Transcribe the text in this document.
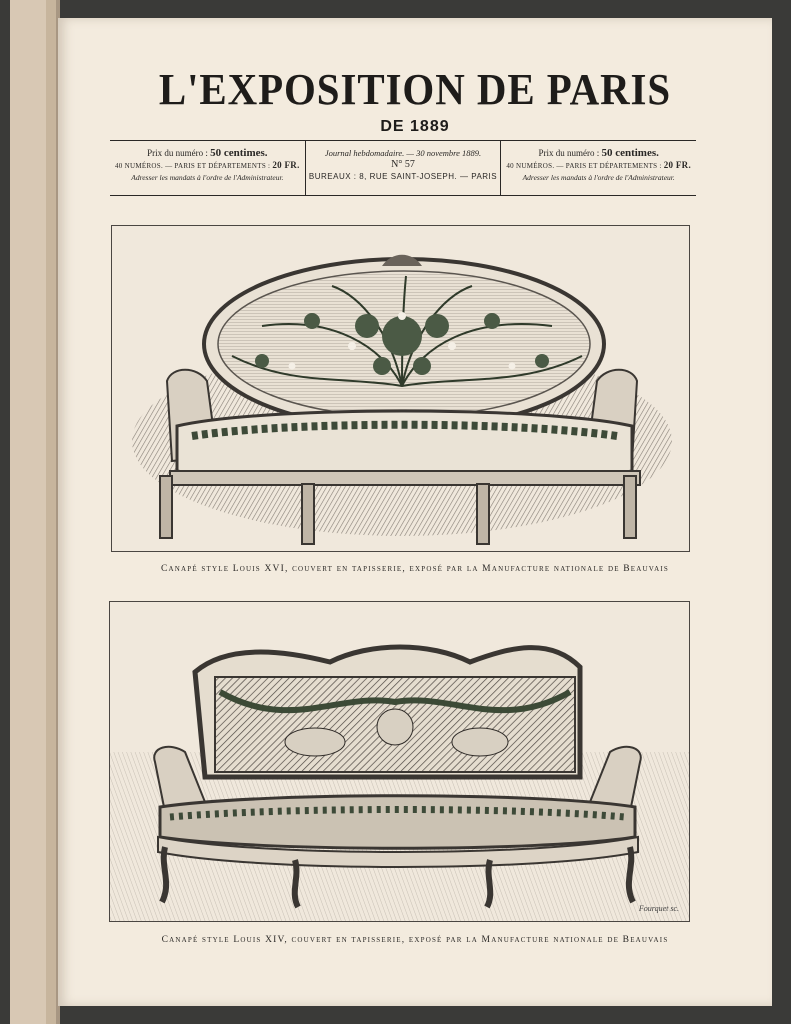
L'EXPOSITION DE PARIS
DE 1889
Prix du numéro : 50 centimes.
40 NUMÉROS. — PARIS ET DÉPARTEMENTS : 20 FR.
Adresser les mandats à l'ordre de l'Administrateur.
Journal hebdomadaire. — 30 novembre 1889.
N° 57
BUREAUX : 8, RUE SAINT-JOSEPH. — PARIS
Prix du numéro : 50 centimes.
40 NUMÉROS. — PARIS ET DÉPARTEMENTS : 20 FR.
Adresser les mandats à l'ordre de l'Administrateur.
Canapé style Louis XVI, couvert en tapisserie, exposé par la Manufacture nationale de Beauvais
Fourquet sc.
Canapé style Louis XIV, couvert en tapisserie, exposé par la Manufacture nationale de Beauvais
